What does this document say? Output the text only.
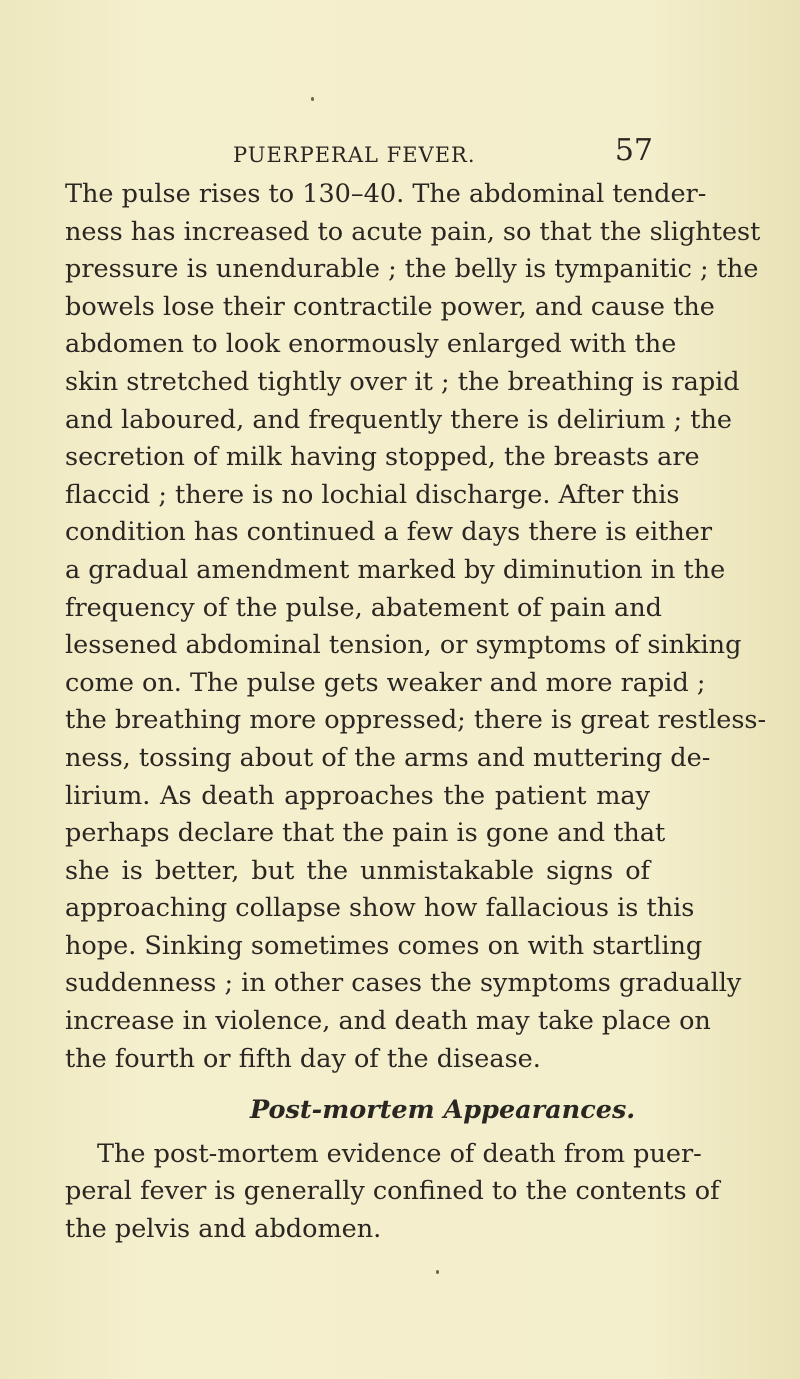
PUERPERAL FEVER.	57
The pulse rises to 130–40. The abdominal tender-
ness has increased to acute pain, so that the slightest
pressure is unendurable ; the belly is tympanitic ; the
bowels lose their contractile power, and cause the
abdomen to look enormously enlarged with the
skin stretched tightly over it ; the breathing is rapid
and laboured, and frequently there is delirium ; the
secretion of milk having stopped, the breasts are
flaccid ; there is no lochial discharge. After this
condition has continued a few days there is either
a gradual amendment marked by diminution in the
frequency of the pulse, abatement of pain and
lessened abdominal tension, or symptoms of sinking
come on. The pulse gets weaker and more rapid ;
the breathing more oppressed; there is great restless-
ness, tossing about of the arms and muttering de-
lirium. As death approaches the patient may
perhaps declare that the pain is gone and that
she is better, but the unmistakable signs of
approaching collapse show how fallacious is this
hope. Sinking sometimes comes on with startling
suddenness ; in other cases the symptoms gradually
increase in violence, and death may take place on
the fourth or fifth day of the disease.
Post-mortem Appearances.
The post-mortem evidence of death from puer-
peral fever is generally confined to the contents of
the pelvis and abdomen.
